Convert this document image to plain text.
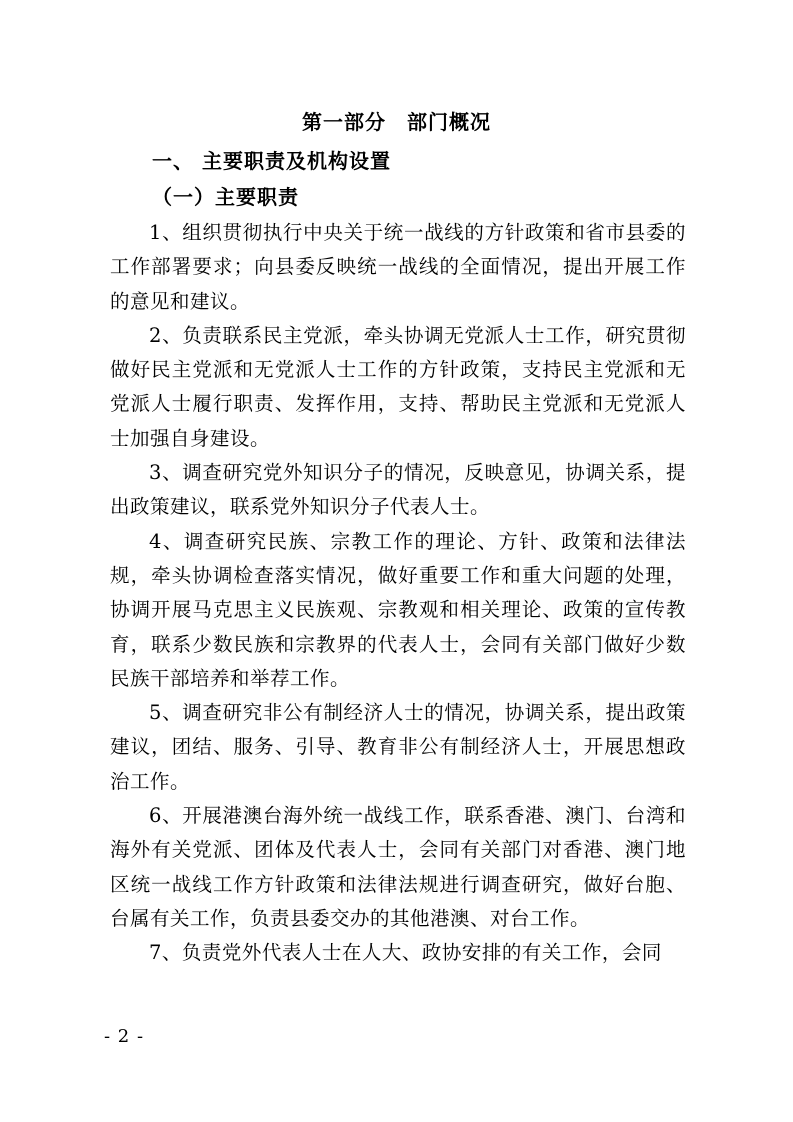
第一部分　部门概况
一、 主要职责及机构设置
（一）主要职责

1、组织贯彻执行中央关于统一战线的方针政策和省市县委的工作部署要求；向县委反映统一战线的全面情况，提出开展工作的意见和建议。

2、负责联系民主党派，牵头协调无党派人士工作，研究贯彻做好民主党派和无党派人士工作的方针政策，支持民主党派和无党派人士履行职责、发挥作用，支持、帮助民主党派和无党派人士加强自身建设。

3、调查研究党外知识分子的情况，反映意见，协调关系，提出政策建议，联系党外知识分子代表人士。

4、调查研究民族、宗教工作的理论、方针、政策和法律法规，牵头协调检查落实情况，做好重要工作和重大问题的处理，协调开展马克思主义民族观、宗教观和相关理论、政策的宣传教育，联系少数民族和宗教界的代表人士，会同有关部门做好少数民族干部培养和举荐工作。

5、调查研究非公有制经济人士的情况，协调关系，提出政策建议，团结、服务、引导、教育非公有制经济人士，开展思想政治工作。

6、开展港澳台海外统一战线工作，联系香港、澳门、台湾和海外有关党派、团体及代表人士，会同有关部门对香港、澳门地区统一战线工作方针政策和法律法规进行调查研究，做好台胞、台属有关工作，负责县委交办的其他港澳、对台工作。

7、负责党外代表人士在人大、政协安排的有关工作，会同

- 2 -
